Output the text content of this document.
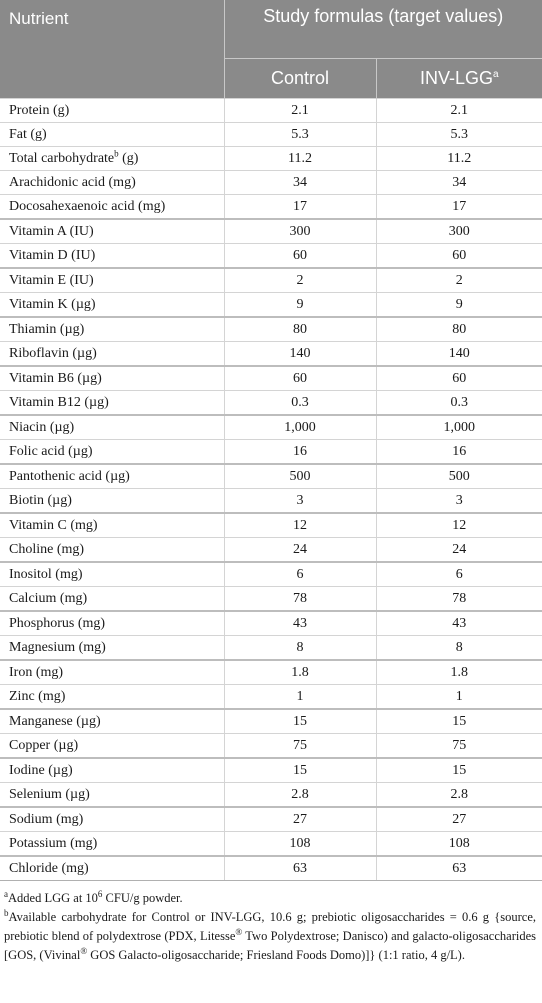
Nutrient	Study formulas (target values)	
	Control	INV-LGG$^a$
Protein (g)	2.1	2.1
Fat (g)	5.3	5.3
Total carbohydrate$^b$ (g)	11.2	11.2
Arachidonic acid (mg)	34	34
Docosahexaenoic acid (mg)	17	17
Vitamin A (IU)	300	300
Vitamin D (IU)	60	60
Vitamin E (IU)	2	2
Vitamin K (µg)	9	9
Thiamin (µg)	80	80
Riboflavin (µg)	140	140
Vitamin B6 (µg)	60	60
Vitamin B12 (µg)	0.3	0.3
Niacin (µg)	1,000	1,000
Folic acid (µg)	16	16
Pantothenic acid (µg)	500	500
Biotin (µg)	3	3
Vitamin C (mg)	12	12
Choline (mg)	24	24
Inositol (mg)	6	6
Calcium (mg)	78	78
Phosphorus (mg)	43	43
Magnesium (mg)	8	8
Iron (mg)	1.8	1.8
Zinc (mg)	1	1
Manganese (µg)	15	15
Copper (µg)	75	75
Iodine (µg)	15	15
Selenium (µg)	2.8	2.8
Sodium (mg)	27	27
Potassium (mg)	108	108
Chloride (mg)	63	63
$^a$Added LGG at $10^6$ CFU/g powder.
$^b$Available carbohydrate for Control or INV-LGG, 10.6 g; prebiotic oligosaccharides = 0.6 g {source, prebiotic blend of polydextrose (PDX, Litesse® Two Polydextrose; Danisco) and galacto-oligosaccharides [GOS, (Vivinal® GOS Galacto-oligosaccharide; Friesland Foods Domo)]} (1:1 ratio, 4 g/L).
